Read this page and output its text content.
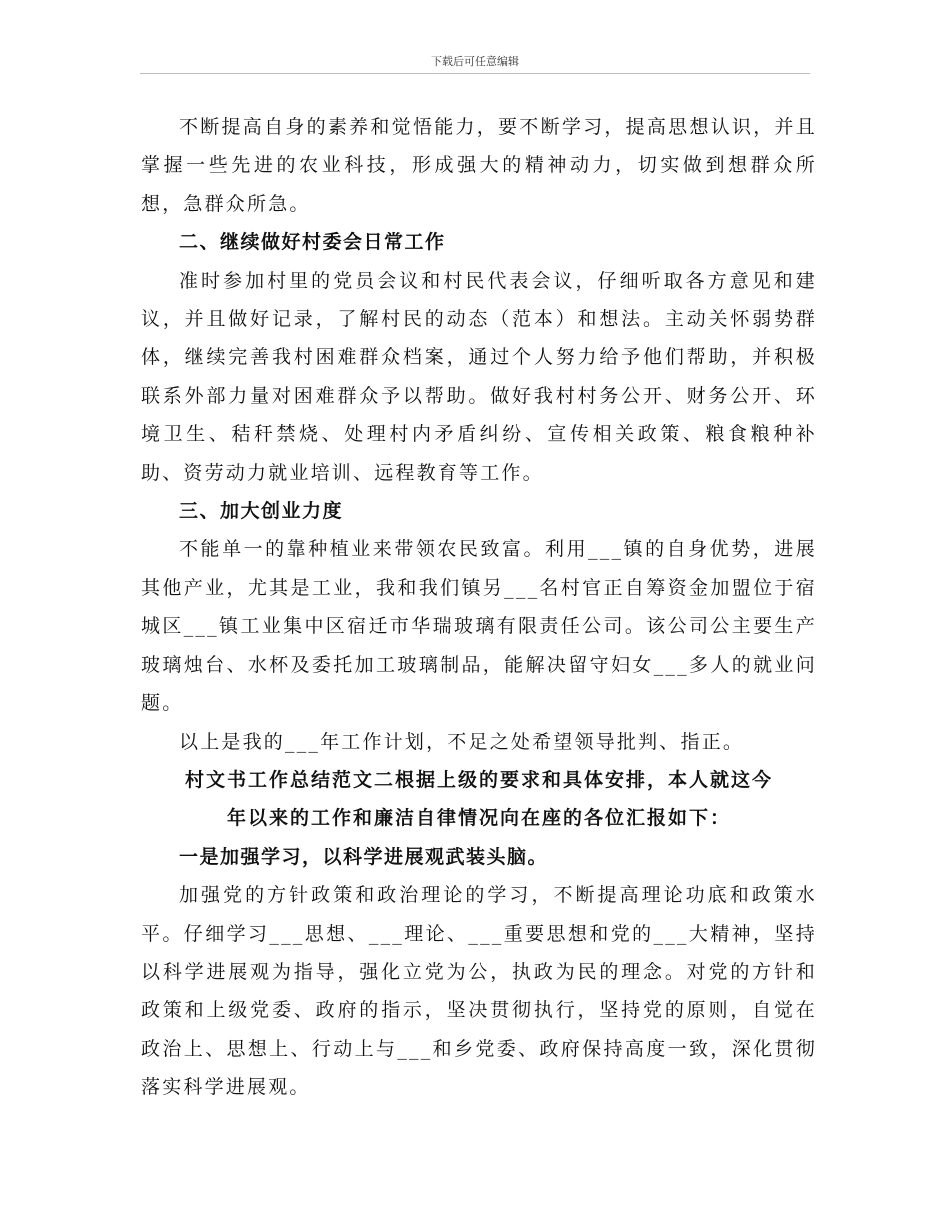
下载后可任意编辑

不断提高自身的素养和觉悟能力，要不断学习，提高思想认识，并且掌握一些先进的农业科技，形成强大的精神动力，切实做到想群众所想，急群众所急。

二、继续做好村委会日常工作

准时参加村里的党员会议和村民代表会议，仔细听取各方意见和建议，并且做好记录，了解村民的动态（范本）和想法。主动关怀弱势群体，继续完善我村困难群众档案，通过个人努力给予他们帮助，并积极联系外部力量对困难群众予以帮助。做好我村村务公开、财务公开、环境卫生、秸秆禁烧、处理村内矛盾纠纷、宣传相关政策、粮食粮种补助、资劳动力就业培训、远程教育等工作。

三、加大创业力度

不能单一的靠种植业来带领农民致富。利用___镇的自身优势，进展其他产业，尤其是工业，我和我们镇另___名村官正自筹资金加盟位于宿城区___镇工业集中区宿迁市华瑞玻璃有限责任公司。该公司公主要生产玻璃烛台、水杯及委托加工玻璃制品，能解决留守妇女___多人的就业问题。

以上是我的___年工作计划，不足之处希望领导批判、指正。

村文书工作总结范文二根据上级的要求和具体安排，本人就这今

年以来的工作和廉洁自律情况向在座的各位汇报如下：

一是加强学习，以科学进展观武装头脑。

加强党的方针政策和政治理论的学习，不断提高理论功底和政策水平。仔细学习___思想、___理论、___重要思想和党的___大精神，坚持以科学进展观为指导，强化立党为公，执政为民的理念。对党的方针和政策和上级党委、政府的指示，坚决贯彻执行，坚持党的原则，自觉在政治上、思想上、行动上与___和乡党委、政府保持高度一致，深化贯彻落实科学进展观。
